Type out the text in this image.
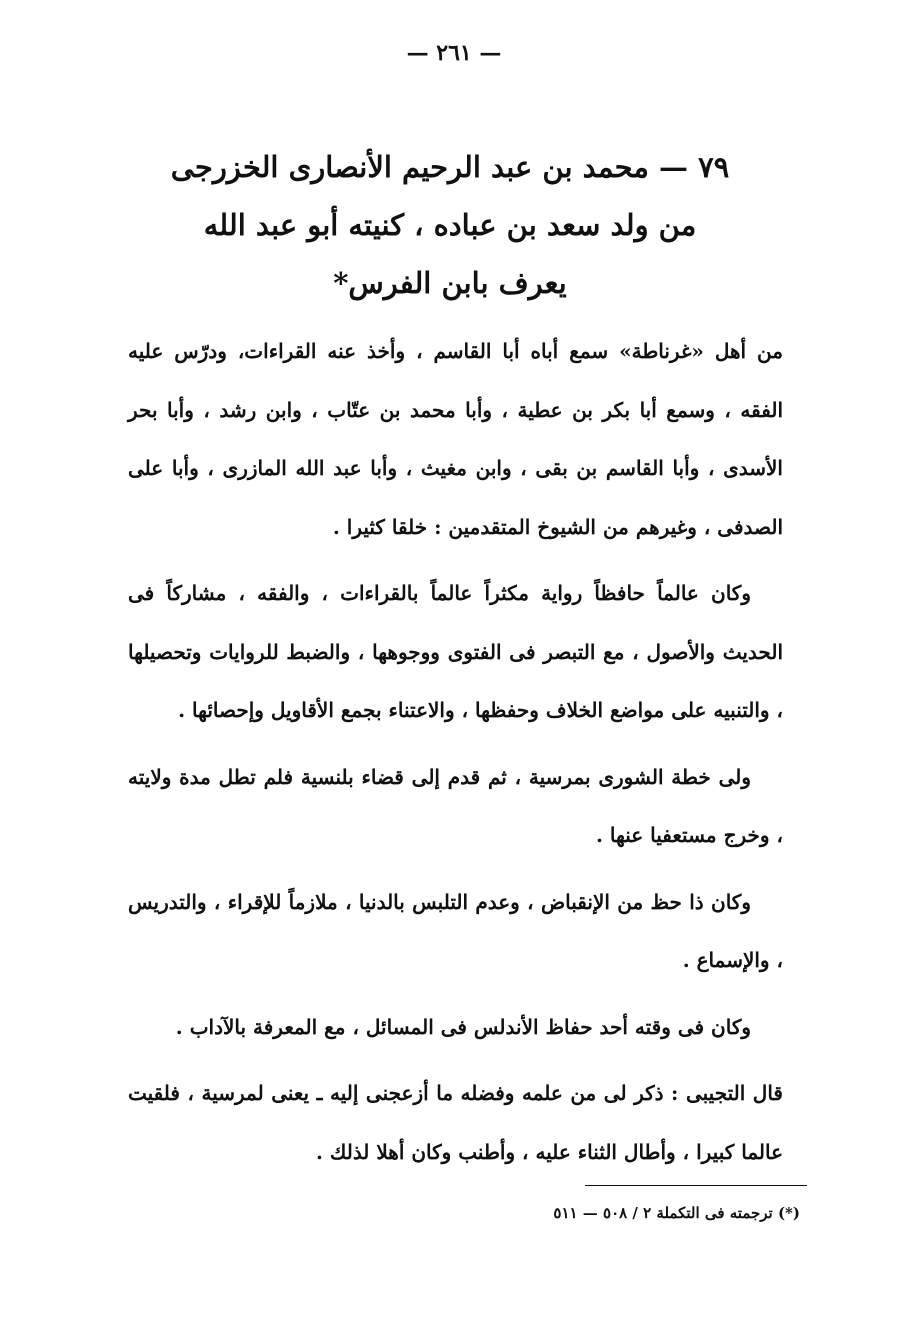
— ٢٦١ —
٧٩ — محمد بن عبد الرحيم الأنصارى الخزرجى
من ولد سعد بن عباده ، كنيته أبو عبد الله
يعرف بابن الفرس*

من أهل «غرناطة» سمع أباه أبا القاسم ، وأخذ عنه القراءات، ودرّس عليه الفقه ، وسمع أبا بكر بن عطية ، وأبا محمد بن عتّاب ، وابن رشد ، وأبا بحر الأسدى ، وأبا القاسم بن بقى ، وابن مغيث ، وأبا عبد الله المازرى ، وأبا على الصدفى ، وغيرهم من الشيوخ المتقدمين : خلقا كثيرا .

وكان عالماً حافظاً رواية مكثراً عالماً بالقراءات ، والفقه ، مشاركاً فى الحديث والأصول ، مع التبصر فى الفتوى ووجوهها ، والضبط للروايات وتحصيلها ، والتنبيه على مواضع الخلاف وحفظها ، والاعتناء بجمع الأقاويل وإحصائها .

ولى خطة الشورى بمرسية ، ثم قدم إلى قضاء بلنسية فلم تطل مدة ولايته ، وخرج مستعفيا عنها .

وكان ذا حظ من الإنقباض ، وعدم التلبس بالدنيا ، ملازماً للإقراء ، والتدريس ، والإسماع .

وكان فى وقته أحد حفاظ الأندلس فى المسائل ، مع المعرفة بالآداب .

قال التجيبى : ذكر لى من علمه وفضله ما أزعجنى إليه ـ يعنى لمرسية ، فلقيت عالما كبيرا ، وأطال الثناء عليه ، وأطنب وكان أهلا لذلك .

(*) ترجمته فى التكملة ٢ / ٥٠٨ — ٥١١
